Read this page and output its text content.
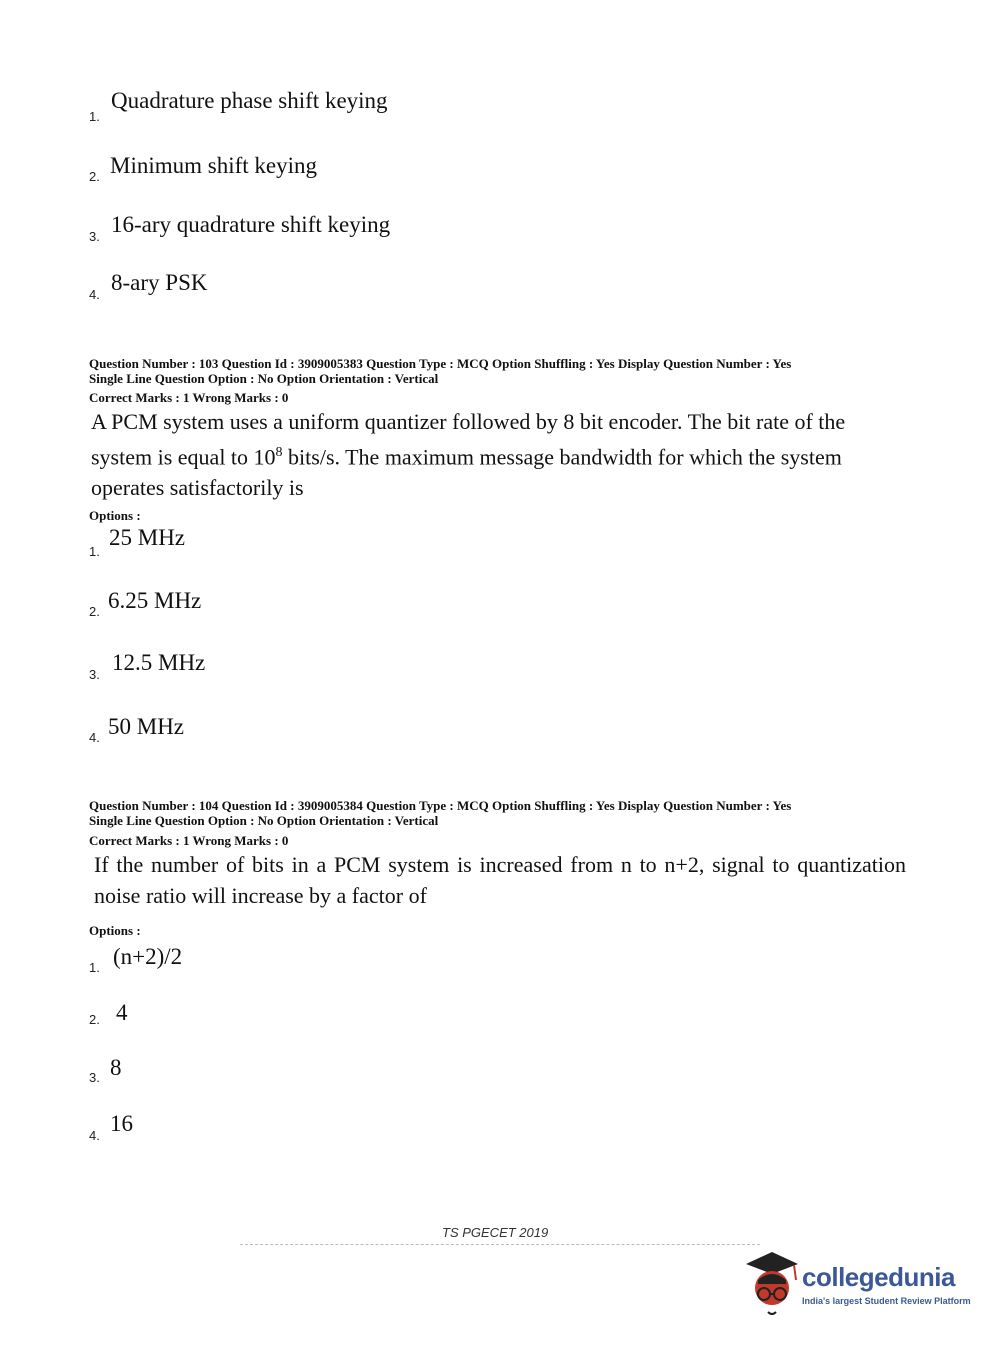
1.
Quadrature phase shift keying
2. Minimum shift keying
3. 16-ary quadrature shift keying
4. 8-ary PSK
Question Number : 103 Question Id : 3909005383 Question Type : MCQ Option Shuffling : Yes Display Question Number : Yes
Single Line Question Option : No Option Orientation : Vertical
Correct Marks : 1 Wrong Marks : 0
A PCM system uses a uniform quantizer followed by 8 bit encoder. The bit rate of the system is equal to $10^8$ bits/s. The maximum message bandwidth for which the system operates satisfactorily is
Options :
1.
25 MHz
2. 6.25 MHz
3. 12.5 MHz
4. 50 MHz
Question Number : 104 Question Id : 3909005384 Question Type : MCQ Option Shuffling : Yes Display Question Number : Yes
Single Line Question Option : No Option Orientation : Vertical
Correct Marks : 1 Wrong Marks : 0
If the number of bits in a PCM system is increased from n to n+2, signal to quantization noise ratio will increase by a factor of
Options :
1. (n+2)/2
2. 4
3. 8
4. 16
TS PGECET 2019
collegedunia
India's largest Student Review Platform
